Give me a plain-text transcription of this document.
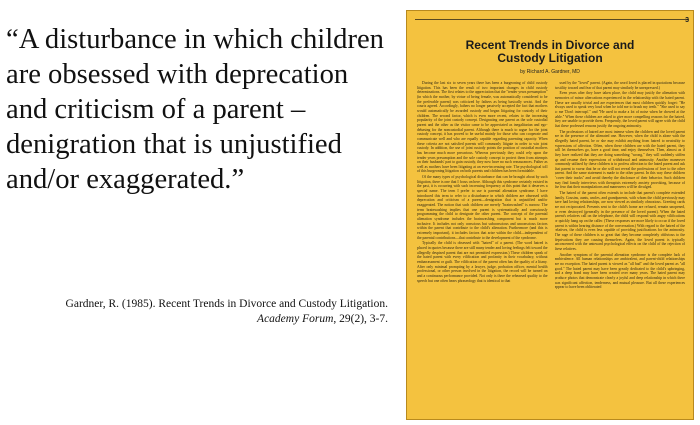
“A disturbance in which children are obsessed with deprecation and criticism of a parent – denigration that is unjustified and/or exaggerated.”
Gardner, R. (1985). Recent Trends in Divorce and Custody Litigation.
Academy Forum, 29(2), 3-7.
3
Recent Trends in Divorce and
Custody Litigation
by Richard A. Gardner, MD

During the last six to seven years there has been a burgeoning of child custody litigation. This has been the result of two important changes in child custody determinations. The first relates to the appreciation that the "tender years presumption" (in which the mother, by virtue of being female, was automatically considered to be the preferable parent) was criticized by fathers as being basically sexist. And the courts agreed. Accordingly, fathers no longer passively accepted the fact that mothers would automatically be awarded custody and began litigating for custody of their children. The second factor, which is even more recent, relates to the increasing popularity of the joint custody concept. Designating one parent as the sole custodial parent and the other as the visitor came to be appreciated as inegalitarian and ego-debasing for the noncustodial parent. Although there is much to argue for the joint custody concept, it has proved to be useful mainly for those who can cooperate and communicate well and who are equally capable regarding parenting capacity. When these criteria are not satisfied parents will commonly litigate in order to win joint custody. In addition, the use of joint custody points the position of custodial mothers has become much more precarious. Whereas previously they could rely upon the tender years presumption and the sole custody concept to protect them from attempts on their husbands' part to gain custody, they now have no such reassurances. Father as well as mothers have been litigating at an ever-increasing rate. The psychological toll of this burgeoning litigation on both parents and children has been formidable.

Of the many types of psychological disturbance that can be brought about by such litigation, there is one that I focus on here. Although this syndrome certainly existed in the past, it is occurring with such increasing frequency at this point that it deserves a special name. The term I prefer to use is parental alienation syndrome. I have introduced this term to refer to a disturbance in which children are obsessed with deprecation and criticism of a parent—denigration that is unjustified and/or exaggerated. The notion that such children are merely "brainwashed" is narrow. The term brainwashing implies that one parent is systematically and consciously programming the child to denigrate the other parent. The concept of the parental alienation syndrome includes the brainwashing component but is much more inclusive. It includes not only conscious but subconscious and unconscious factors within the parent that contribute to the child's alienation. Furthermore (and this is extremely important), it includes factors that arise within the child—independent of the parental contributions—that contribute to the development of the syndrome.

Typically the child is obsessed with "hatred" of a parent. (The word hatred is placed in quotes because there are still many tender and loving feelings felt toward the allegedly despised parent that are not permitted expression.) These children speak of the hated parent with every vilification and profanity in their vocabulary, without embarrassment or guilt. The vilification of the parent often has the quality of a litany. After only minimal prompting by a lawyer, judge, probation officer, mental health professional, or other person involved in the litigation, the record will be turned on and a continuous performance provided. Not only is there the rehearsed quality to the speech but one often hears phraseology that is identical to that

used by the "loved" parent. (Again, the word loved is placed in quotations because hostility toward and fear of that parent may similarly be unexpressed.)

Even years after they have taken place, the child may justify the alienation with memories of minor altercations experienced in the relationship with the hated parent. These are usually trivial and are experiences that most children quickly forget: "He always used to speak very loud when he told me to brush my teeth." "She used to say to me 'Don't interrupt'." and "He used to make a lot of noise when he chewed at the table." When these children are asked to give more compelling reasons for the hatred, they are unable to provide them. Frequently, the loved parent will agree with the child that these professed reasons justify the ongoing animosity.

The professions of hatred are most intense when the children and the loved parent are in the presence of the alienated one. However, when the child is alone with the allegedly hated parent, he or she may exhibit anything from hatred to neutrality to expressions of affection. Often, when these children are with the hated parent, they will let themselves go, have a good time, and enjoy themselves. Then, almost as if they have realized that they are doing something "wrong," they will suddenly stiffen up and resume their expressions of withdrawal and animosity. Another maneuver commonly utilized by these children is to profess affection to the hated parent and ask that parent to swear that he or she will not reveal the professions of love to the other parent. And the same statement is made to the other parent. In this way these children "cover their tracks" and avoid thereby the disclosure of their behavior. Such children may find family interviews with therapists extremely anxiety provoking, because of the fear that their manipulations and maneuvers will be divulged.

The hatred of the parent often extends to include that parent's complete extended family. Cousins, aunts, uncles, and grandparents, with whom the child previously may have had loving relationships, are now viewed as similarly obnoxious. Greeting cards are not reciprocated. Presents sent to the child's home are refused, remain unopened, or even destroyed (generally in the presence of the loved parent). When the hated parent's relatives call on the telephone, the child will respond with angry vilifications or quickly hang up on the caller. (These responses are more likely to occur if the loved parent is within hearing distance of the conversation.) With regard to the hatred of the relatives, the child is even less capable of providing justifications for the animosity. The rage of these children is so great that they become completely oblivious to the deprivations they are causing themselves. Again, the loved parent is typically unconcerned with the untoward psychological effects on the child of the rejection of these relatives.

Another symptom of the parental alienation syndrome is the complete lack of ambivalence. All human relationships are ambivalent, and parent-child relationships are no exception. The hated parent is viewed as "all bad" and the loved parent as "all good." The hated parent may have been greatly dedicated to the child's upbringing, and a deep bond may have been created over many years. The hated parent may produce photos that demonstrate clearly a joyful and deep relationship in which there was significant affection, tenderness, and mutual pleasure. But all these experiences appear to have been obliterated
